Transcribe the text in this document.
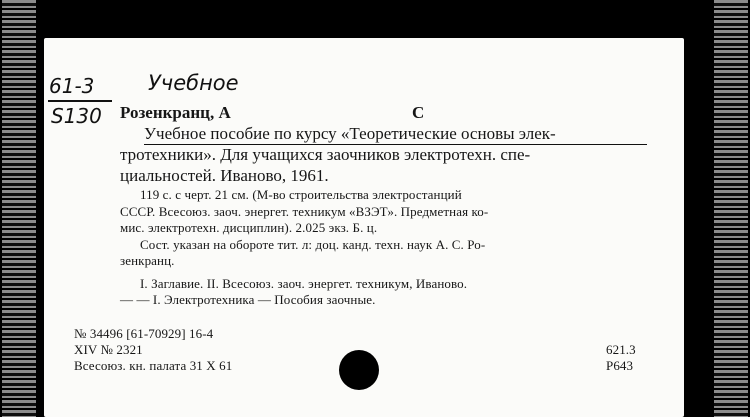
61-3
S130
Учебное
Розенкранц, А	С
Учебное пособие по курсу «Теоретические основы элек-
тротехники». Для учащихся заочников электротехн. спе-
циальностей. Иваново, 1961.
119 с. с черт. 21 см. (М-во строительства электростанций
СССР. Всесоюз. заоч. энергет. техникум «ВЗЭТ». Предметная ко-
мис. электротехн. дисциплин). 2.025 экз. Б. ц.
Сост. указан на обороте тит. л: доц. канд. техн. наук А. С. Ро-
зенкранц.
I. Заглавие. II. Всесоюз. заоч. энергет. техникум, Иваново.
— — I. Электротехника — Пособия заочные.
№ 34496 [61-70929] 16-4
XIV № 2321
Всесоюз. кн. палата 31 X 61
621.3
Р643
